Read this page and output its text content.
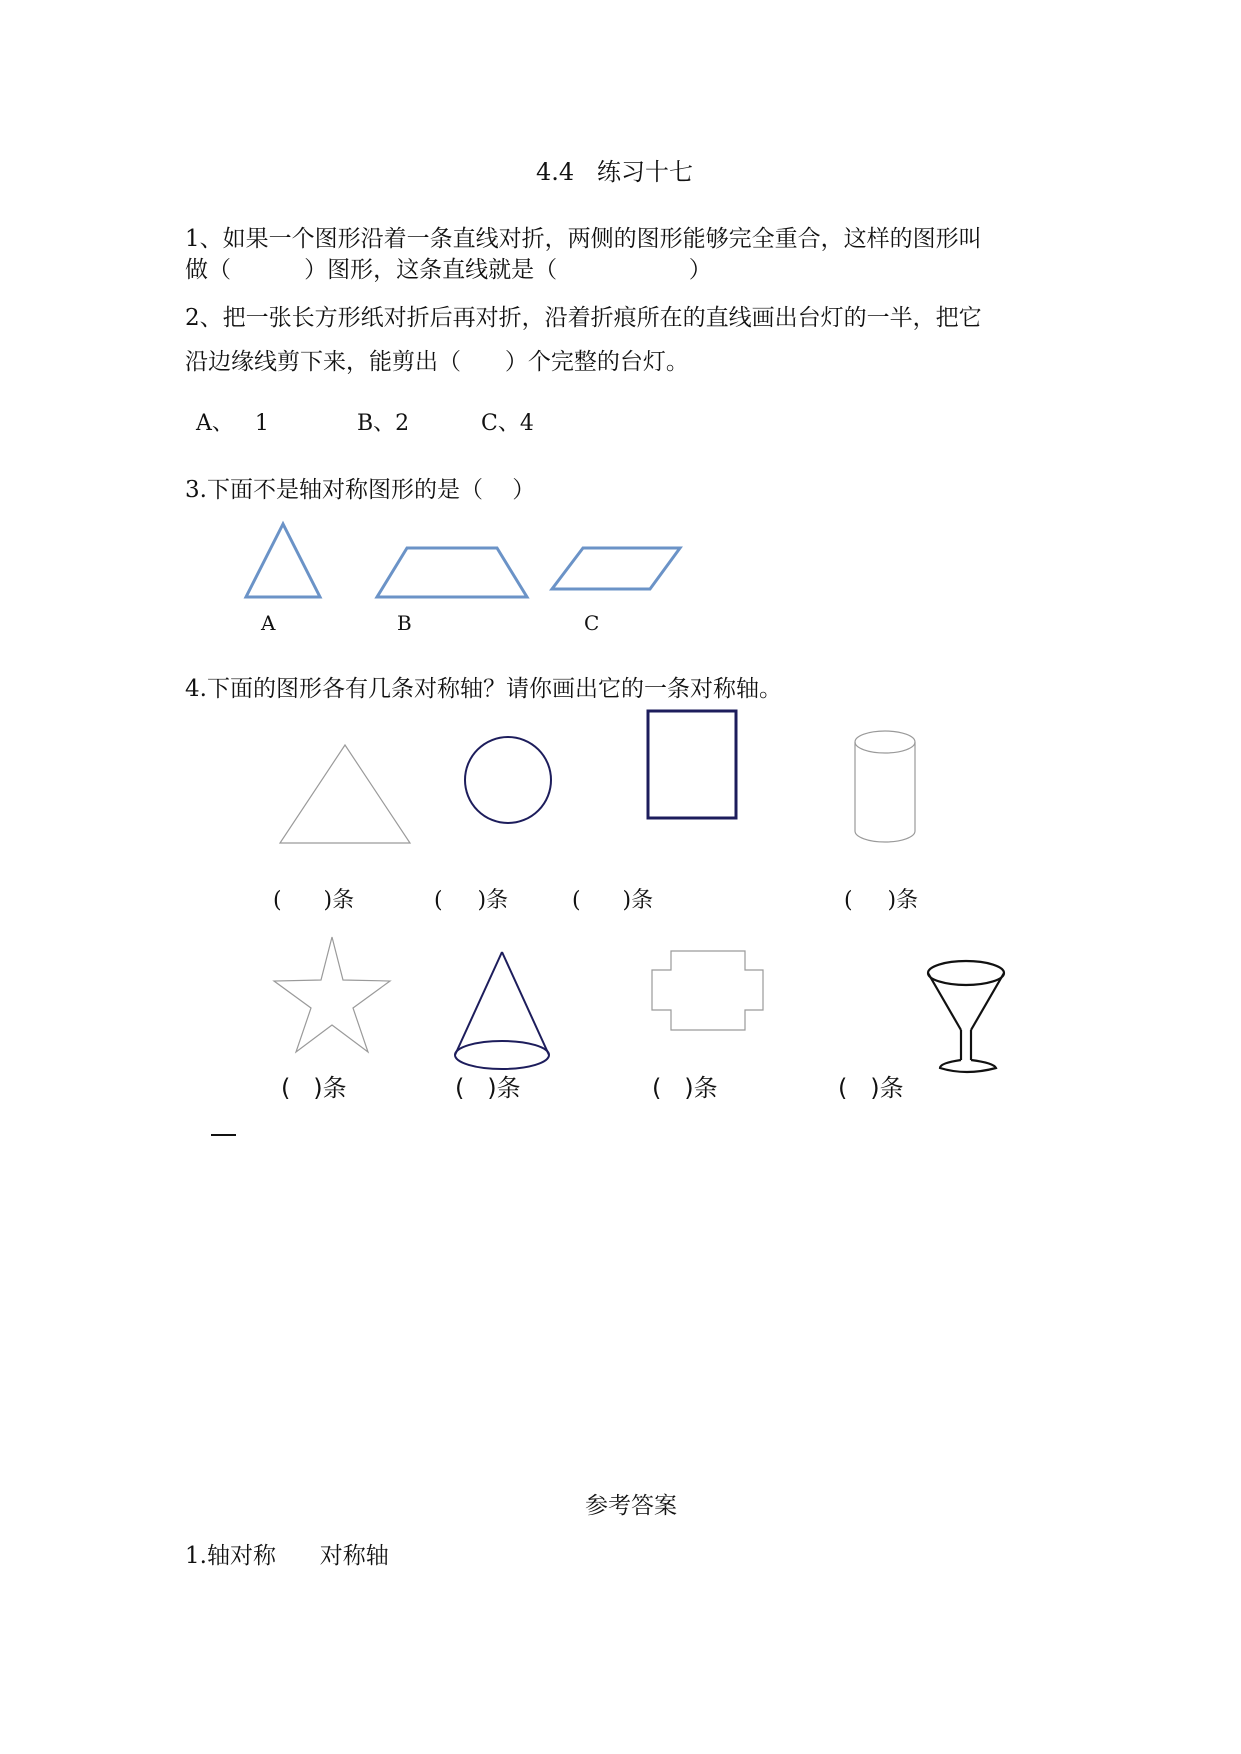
4.4   练习十七
1、如果一个图形沿着一条直线对折，两侧的图形能够完全重合，这样的图形叫
做（          ）图形，这条直线就是（                  ）
2、把一张长方形纸对折后再对折，沿着折痕所在的直线画出台灯的一半，把它
沿边缘线剪下来，能剪出（      ）个完整的台灯。
A、   1	B、2	C、4
3.下面不是轴对称图形的是（    ）
A	B	C
4.下面的图形各有几条对称轴？请你画出它的一条对称轴。
(      )条	(     )条	(      )条	(     )条
(   )条	(   )条	(   )条	(   )条
参考答案
1.轴对称      对称轴
